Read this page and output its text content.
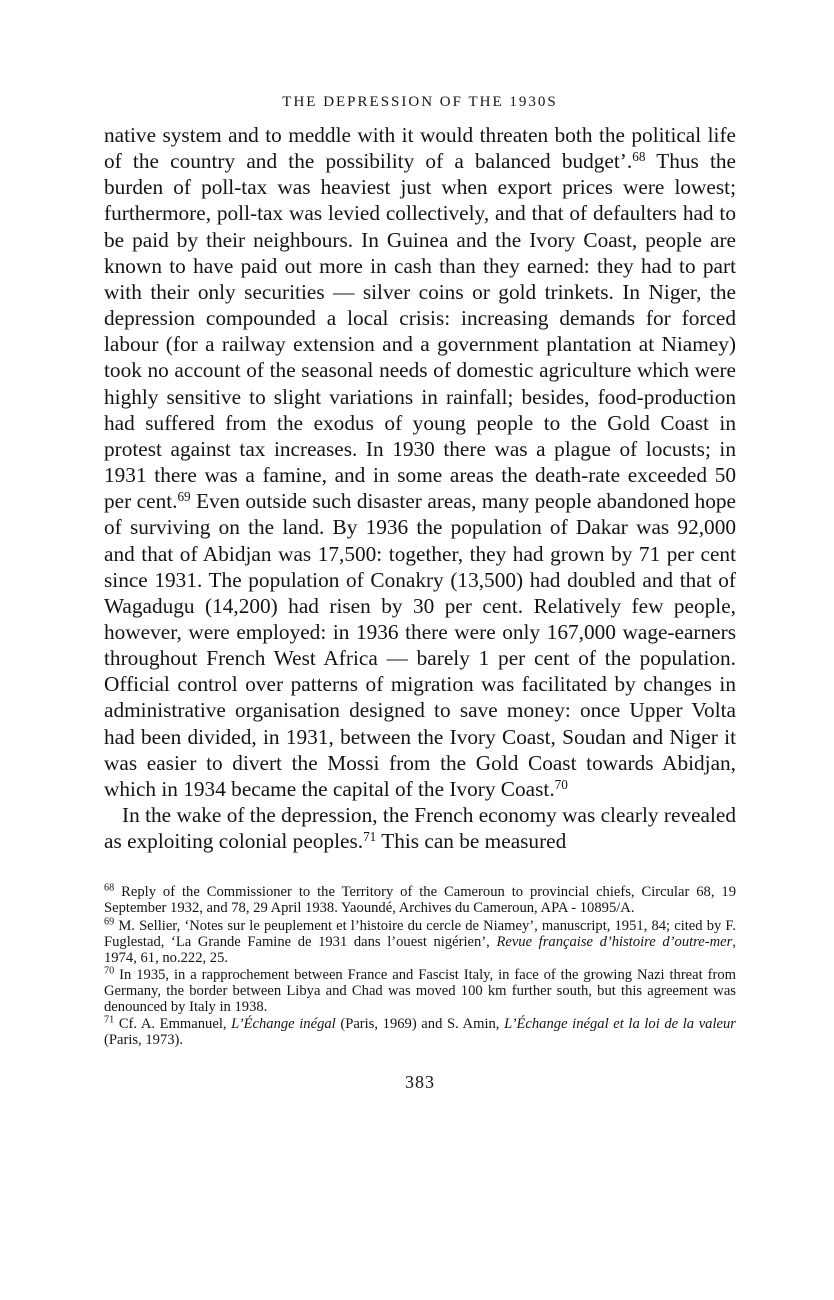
THE DEPRESSION OF THE 1930S

native system and to meddle with it would threaten both the political life of the country and the possibility of a balanced budget’.$^{68}$ Thus the burden of poll-tax was heaviest just when export prices were lowest; furthermore, poll-tax was levied collectively, and that of defaulters had to be paid by their neighbours. In Guinea and the Ivory Coast, people are known to have paid out more in cash than they earned: they had to part with their only securities — silver coins or gold trinkets. In Niger, the depression compounded a local crisis: increasing demands for forced labour (for a railway extension and a government plantation at Niamey) took no account of the seasonal needs of domestic agriculture which were highly sensitive to slight variations in rainfall; besides, food-production had suffered from the exodus of young people to the Gold Coast in protest against tax increases. In 1930 there was a plague of locusts; in 1931 there was a famine, and in some areas the death-rate exceeded 50 per cent.$^{69}$ Even outside such disaster areas, many people abandoned hope of surviving on the land. By 1936 the population of Dakar was 92,000 and that of Abidjan was 17,500: together, they had grown by 71 per cent since 1931. The population of Conakry (13,500) had doubled and that of Wagadugu (14,200) had risen by 30 per cent. Relatively few people, however, were employed: in 1936 there were only 167,000 wage-earners throughout French West Africa — barely 1 per cent of the population. Official control over patterns of migration was facilitated by changes in administrative organisation designed to save money: once Upper Volta had been divided, in 1931, between the Ivory Coast, Soudan and Niger it was easier to divert the Mossi from the Gold Coast towards Abidjan, which in 1934 became the capital of the Ivory Coast.$^{70}$

In the wake of the depression, the French economy was clearly revealed as exploiting colonial peoples.$^{71}$ This can be measured

$^{68}$ Reply of the Commissioner to the Territory of the Cameroun to provincial chiefs, Circular 68, 19 September 1932, and 78, 29 April 1938. Yaoundé, Archives du Cameroun, APA - 10895/A.

$^{69}$ M. Sellier, ‘Notes sur le peuplement et l’histoire du cercle de Niamey’, manuscript, 1951, 84; cited by F. Fuglestad, ‘La Grande Famine de 1931 dans l’ouest nigérien’, Revue française d’histoire d’outre-mer, 1974, 61, no.222, 25.

$^{70}$ In 1935, in a rapprochement between France and Fascist Italy, in face of the growing Nazi threat from Germany, the border between Libya and Chad was moved 100 km further south, but this agreement was denounced by Italy in 1938.

$^{71}$ Cf. A. Emmanuel, L’Échange inégal (Paris, 1969) and S. Amin, L’Échange inégal et la loi de la valeur (Paris, 1973).

383
